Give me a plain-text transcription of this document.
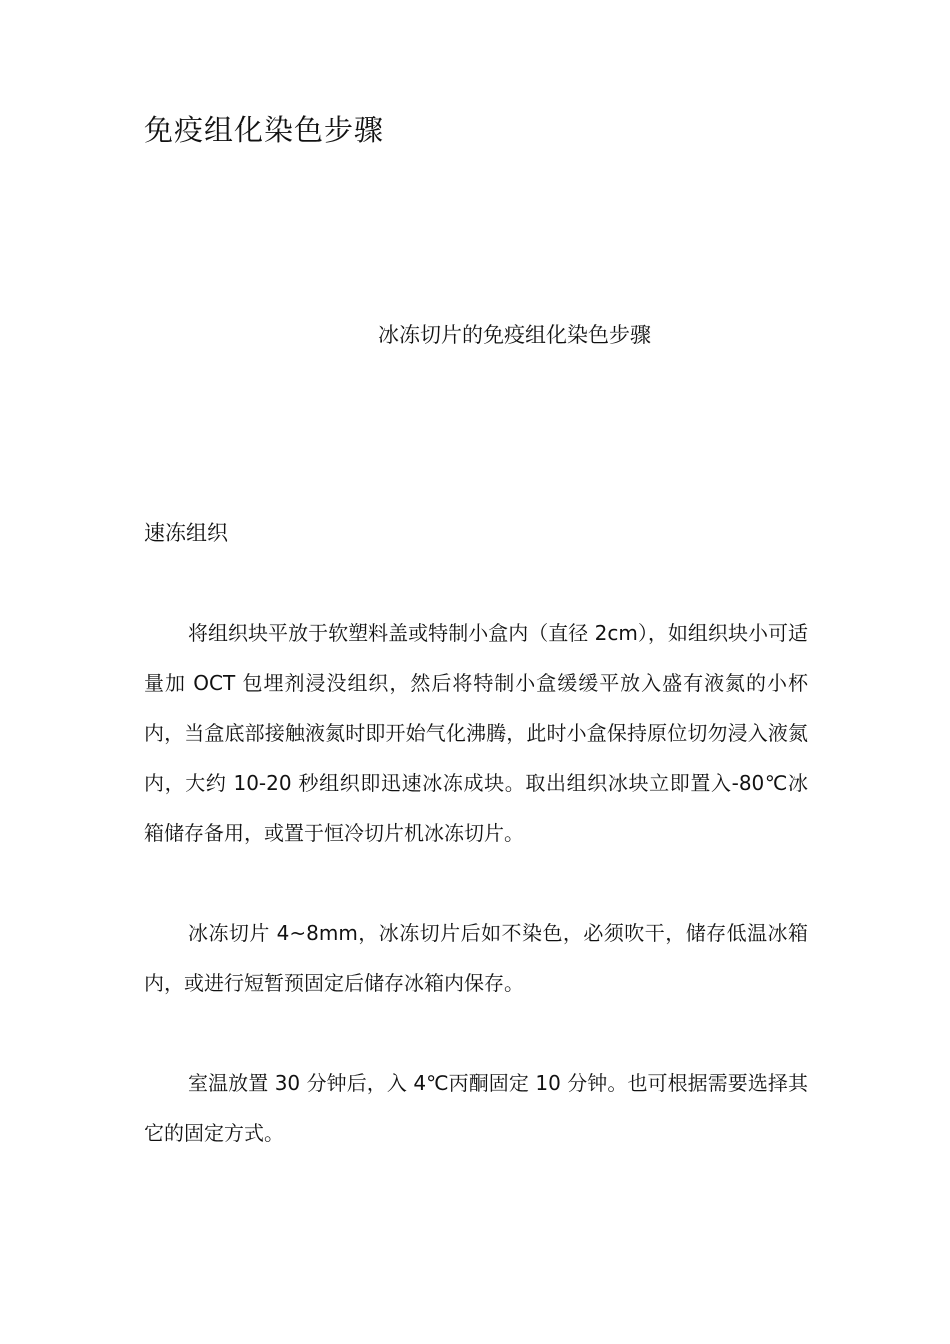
免疫组化染色步骤
冰冻切片的免疫组化染色步骤
速冻组织

将组织块平放于软塑料盖或特制小盒内（直径 2cm），如组织块小可适量加 OCT 包埋剂浸没组织，然后将特制小盒缓缓平放入盛有液氮的小杯内，当盒底部接触液氮时即开始气化沸腾，此时小盒保持原位切勿浸入液氮内，大约 10-20 秒组织即迅速冰冻成块。取出组织冰块立即置入-80℃冰箱储存备用，或置于恒冷切片机冰冻切片。

冰冻切片 4~8mm，冰冻切片后如不染色，必须吹干，储存低温冰箱内，或进行短暂预固定后储存冰箱内保存。

室温放置 30 分钟后，入 4℃丙酮固定 10 分钟。也可根据需要选择其它的固定方式。
